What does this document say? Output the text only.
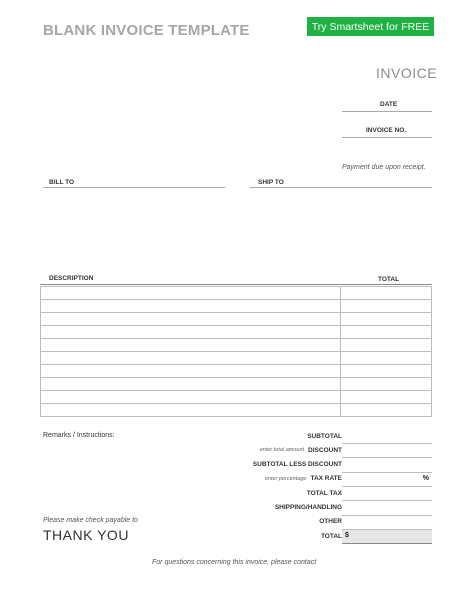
BLANK INVOICE TEMPLATE	Try Smartsheet for FREE
INVOICE
DATE
INVOICE NO.
Payment due upon receipt.
BILL TO	SHIP TO
DESCRIPTION	TOTAL

Remarks / Instructions:	SUBTOTAL
enter total amount DISCOUNT
SUBTOTAL LESS DISCOUNT
enter percentage TAX RATE	%
TOTAL TAX
SHIPPING/HANDLING
OTHER
TOTAL $
Please make check payable to
THANK YOU
For questions concerning this invoice, please contact
